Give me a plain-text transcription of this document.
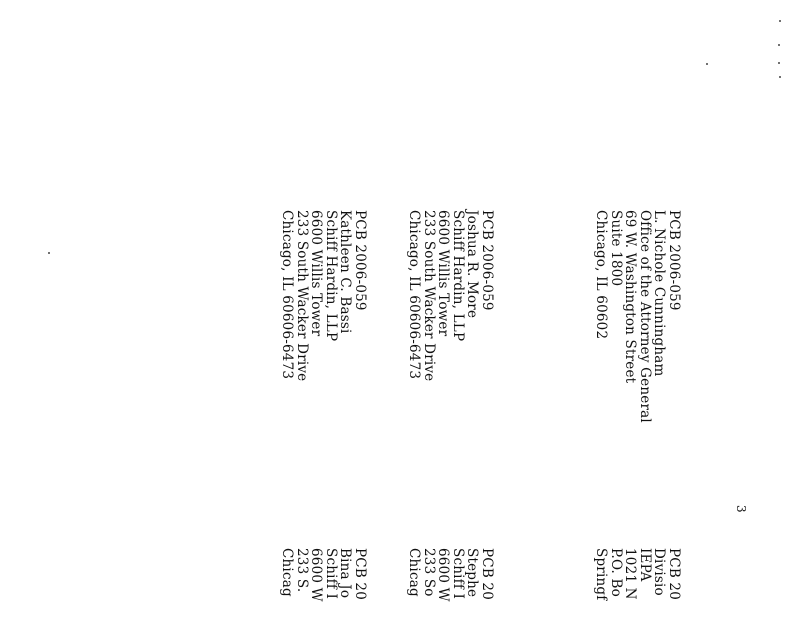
PCB 2006-059
L. Nichole Cunningham
Office of the Attorney General
69 W. Washington Street
Suite 1800
Chicago, IL 60602
PCB 2006-059
Joshua R. More
Schiff Hardin, LLP
6600 Willis Tower
233 South Wacker Drive
Chicago, IL 60606-6473
PCB 2006-059
Kathleen C. Bassi
Schiff Hardin, LLP
6600 Willis Tower
233 South Wacker Drive
Chicago, IL 60606-6473
PCB 20
Divisio
IEPA
1021 N
P.O. Bo
Springf
PCB 20
Stephe
Schiff I
6600 W
233 So
Chicag
PCB 20
Bina Jo
Schiff I
6600 W
233 S.
Chicag
3
